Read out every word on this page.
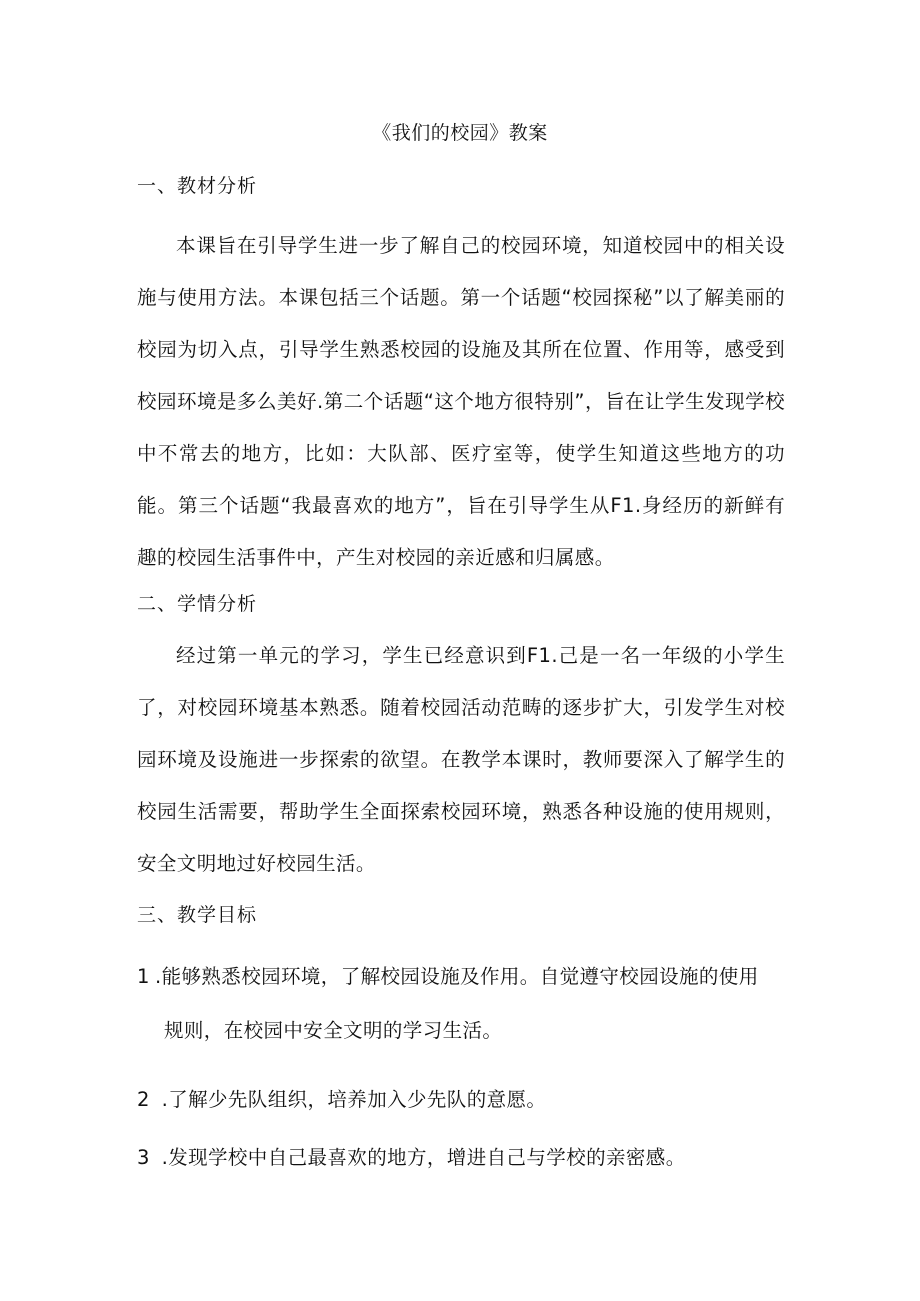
《我们的校园》教案
一、教材分析
本课旨在引导学生进一步了解自己的校园环境，知道校园中的相关设施与使用方法。本课包括三个话题。第一个话题“校园探秘”以了解美丽的校园为切入点，引导学生熟悉校园的设施及其所在位置、作用等，感受到校园环境是多么美好.第二个话题“这个地方很特别”，旨在让学生发现学校中不常去的地方，比如：大队部、医疗室等，使学生知道这些地方的功能。第三个话题“我最喜欢的地方”，旨在引导学生从F1.身经历的新鲜有趣的校园生活事件中，产生对校园的亲近感和归属感。
二、学情分析
经过第一单元的学习，学生已经意识到F1.己是一名一年级的小学生了，对校园环境基本熟悉。随着校园活动范畴的逐步扩大，引发学生对校园环境及设施进一步探索的欲望。在教学本课时，教师要深入了解学生的校园生活需要，帮助学生全面探索校园环境，熟悉各种设施的使用规则，安全文明地过好校园生活。
三、教学目标
1 .能够熟悉校园环境，了解校园设施及作用。自觉遵守校园设施的使用
规则，在校园中安全文明的学习生活。
2 .了解少先队组织，培养加入少先队的意愿。
3 .发现学校中自己最喜欢的地方，增进自己与学校的亲密感。
